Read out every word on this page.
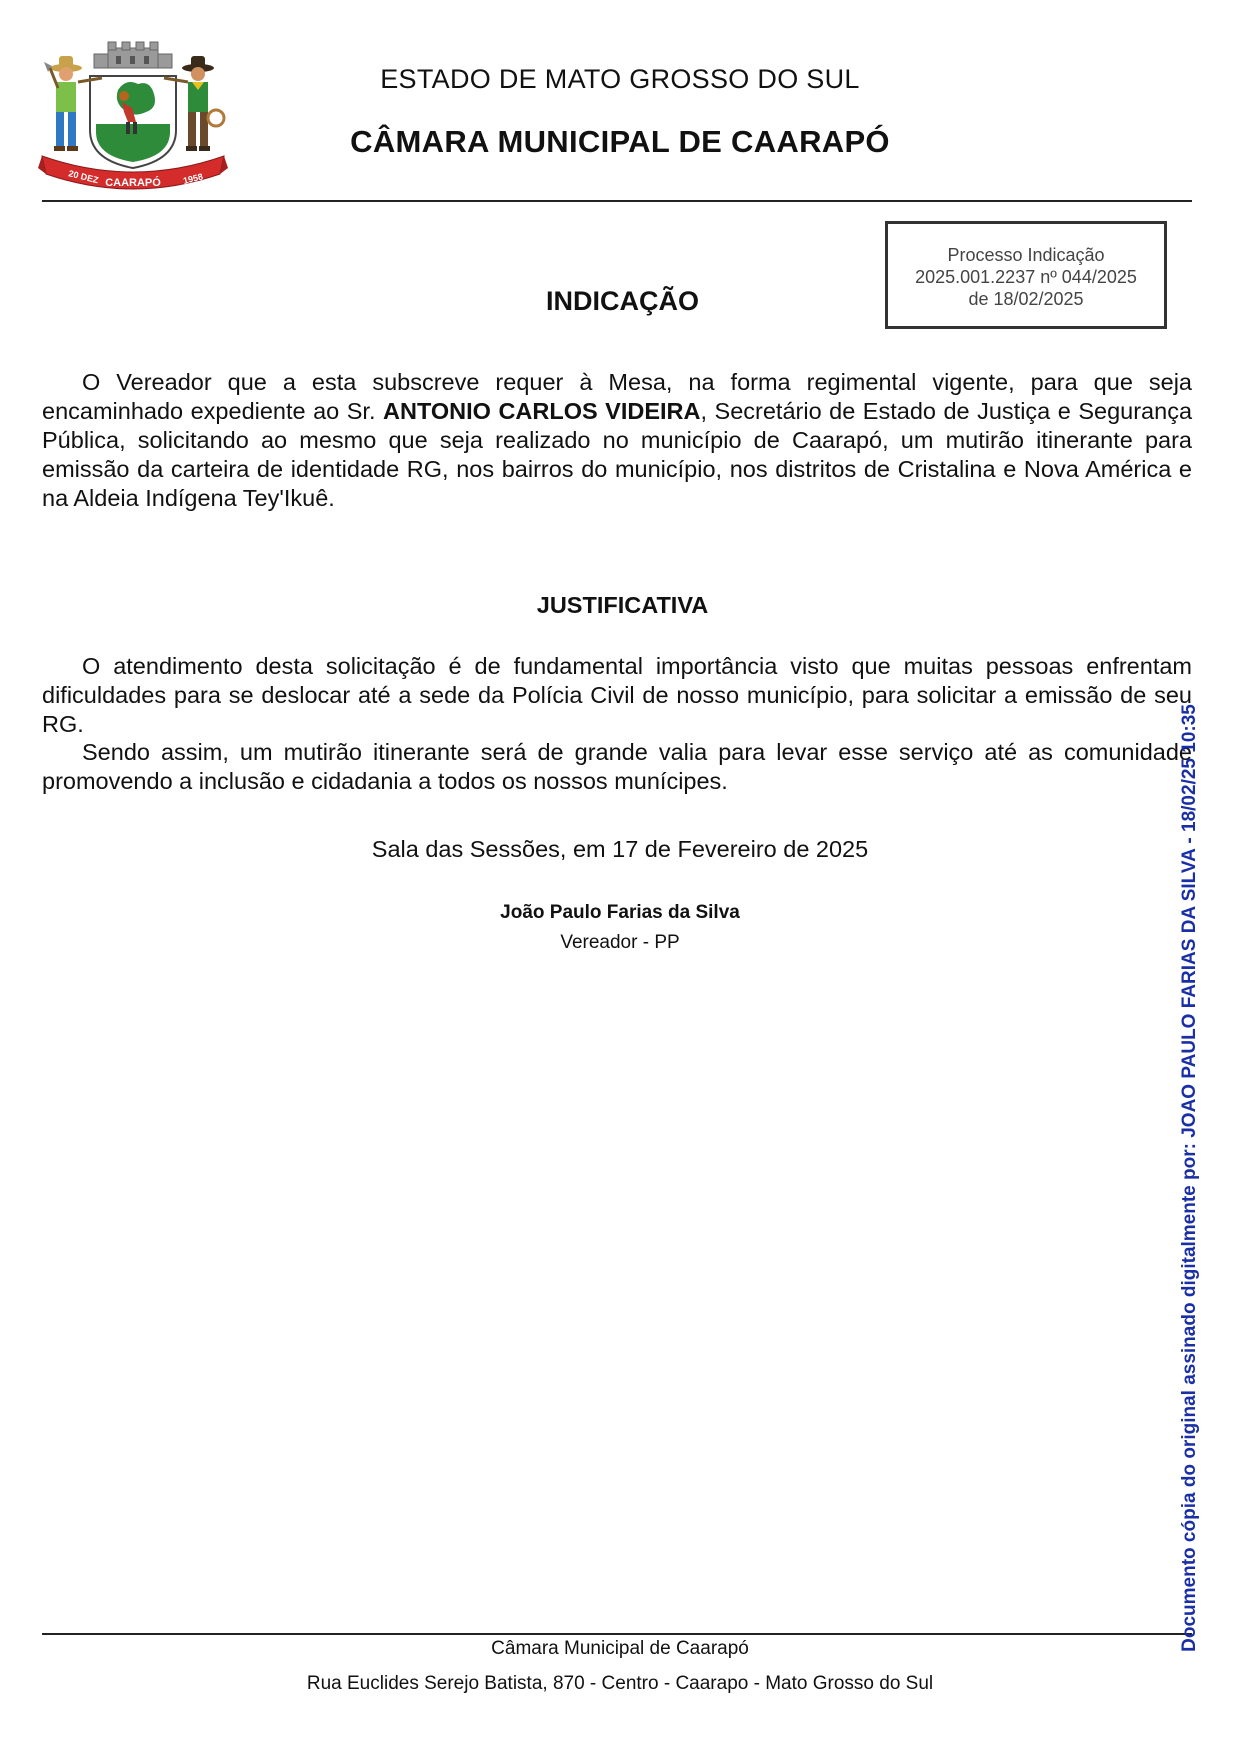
20 DEZ CAARAPÓ 1958
ESTADO DE MATO GROSSO DO SUL
CÂMARA MUNICIPAL DE CAARAPÓ
Processo Indicação
2025.001.2237 nº 044/2025
de 18/02/2025
INDICAÇÃO
O Vereador que a esta subscreve requer à Mesa, na forma regimental vigente, para que seja encaminhado expediente ao Sr. ANTONIO CARLOS VIDEIRA, Secretário de Estado de Justiça e Segurança Pública, solicitando ao mesmo que seja realizado no município de Caarapó, um mutirão itinerante para emissão da carteira de identidade RG, nos bairros do município, nos distritos de Cristalina e Nova América e na Aldeia Indígena Tey'Ikuê.
JUSTIFICATIVA
O atendimento desta solicitação é de fundamental importância visto que muitas pessoas enfrentam dificuldades para se deslocar até a sede da Polícia Civil de nosso município, para solicitar a emissão de seu RG.
Sendo assim, um mutirão itinerante será de grande valia para levar esse serviço até as comunidade promovendo a inclusão e cidadania a todos os nossos munícipes.
Sala das Sessões, em 17 de Fevereiro de 2025
João Paulo Farias da Silva
Vereador - PP
Câmara Municipal de Caarapó
Rua Euclides Serejo Batista, 870 - Centro - Caarapo - Mato Grosso do Sul
Documento cópia do original assinado digitalmente por: JOAO PAULO FARIAS DA SILVA - 18/02/25 10:35
